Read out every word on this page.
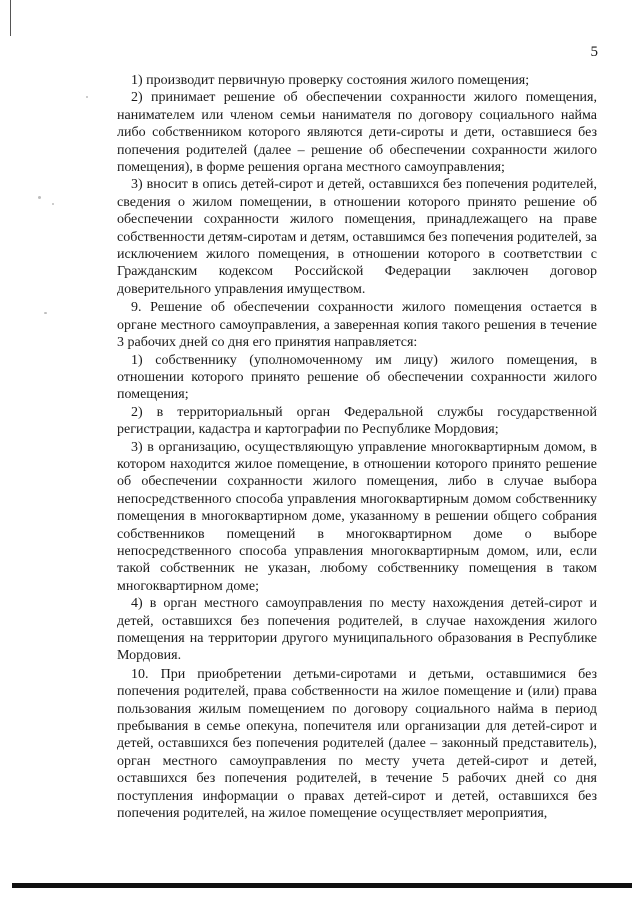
5

1) производит первичную проверку состояния жилого помещения;

2) принимает решение об обеспечении сохранности жилого помещения, нанимателем или членом семьи нанимателя по договору социального найма либо собственником которого являются дети-сироты и дети, оставшиеся без попечения родителей (далее – решение об обеспечении сохранности жилого помещения), в форме решения органа местного самоуправления;

3) вносит в опись детей-сирот и детей, оставшихся без попечения родителей, сведения о жилом помещении, в отношении которого принято решение об обеспечении сохранности жилого помещения, принадлежащего на праве собственности детям-сиротам и детям, оставшимся без попечения родителей, за исключением жилого помещения, в отношении которого в соответствии с Гражданским кодексом Российской Федерации заключен договор доверительного управления имуществом.

9. Решение об обеспечении сохранности жилого помещения остается в органе местного самоуправления, а заверенная копия такого решения в течение 3 рабочих дней со дня его принятия направляется:

1) собственнику (уполномоченному им лицу) жилого помещения, в отношении которого принято решение об обеспечении сохранности жилого помещения;

2) в территориальный орган Федеральной службы государственной регистрации, кадастра и картографии по Республике Мордовия;

3) в организацию, осуществляющую управление многоквартирным домом, в котором находится жилое помещение, в отношении которого принято решение об обеспечении сохранности жилого помещения, либо в случае выбора непосредственного способа управления многоквартирным домом собственнику помещения в многоквартирном доме, указанному в решении общего собрания собственников помещений в многоквартирном доме о выборе непосредственного способа управления многоквартирным домом, или, если такой собственник не указан, любому собственнику помещения в таком многоквартирном доме;

4) в орган местного самоуправления по месту нахождения детей-сирот и детей, оставшихся без попечения родителей, в случае нахождения жилого помещения на территории другого муниципального образования в Республике Мордовия.

10. При приобретении детьми-сиротами и детьми, оставшимися без попечения родителей, права собственности на жилое помещение и (или) права пользования жилым помещением по договору социального найма в период пребывания в семье опекуна, попечителя или организации для детей-сирот и детей, оставшихся без попечения родителей (далее – законный представитель), орган местного самоуправления по месту учета детей-сирот и детей, оставшихся без попечения родителей, в течение 5 рабочих дней со дня поступления информации о правах детей-сирот и детей, оставшихся без попечения родителей, на жилое помещение осуществляет мероприятия,
